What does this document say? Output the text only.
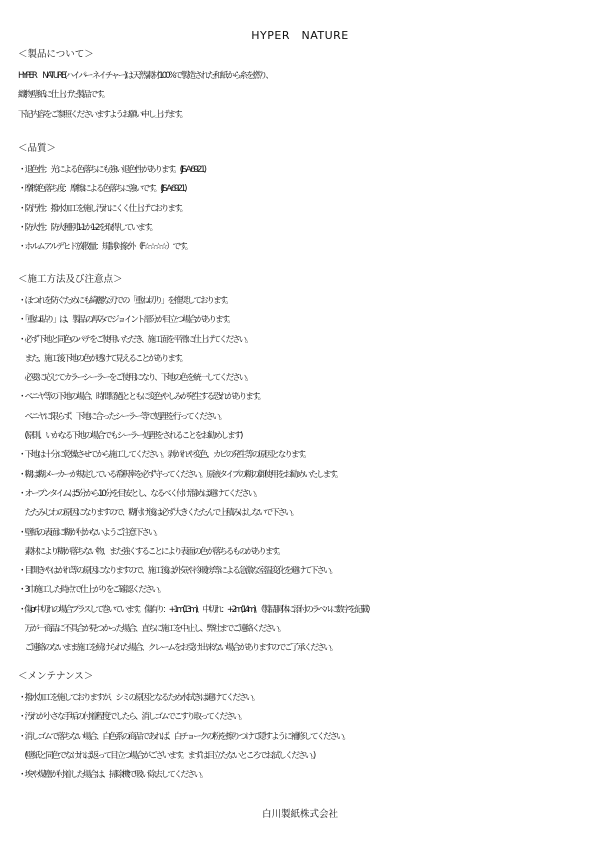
HYPER　NATURE
＜製品について＞
HYPER　NATURE(ハイパー ネイチャー)は 天然素材100%で製造された和紙から糸を撚り、
織物壁紙に仕上げた製品です。
下記内容をご参照くださいますようお願い申し上げます。
＜品質＞
・退色性：光による色落ちにも強い退色性があります。(JIS A 6921)
・摩擦色落ち度：摩擦による色落ちに強いです。(JIS A 6921)
・防汚性：撥水加工を施し汚れにくく仕上げております。
・防火性：防火種別1-1か1-2を取得しています。
・ホルムアルデヒド放散量：規制対象外（F☆☆☆☆）です。
＜施工方法及び注意点＞
・ほつれを防ぐためにも綺麗な刃での「重ね切り」を推奨しております。
・「重ね貼り」は、製品の厚みでジョイント部分が目立つ場合があります。
・必ず下地と同色のパテをご使用いただき、施工面を平滑に仕上げてください。
　また、施工後下地の色が透けて見えることがあります。
　必要に応じてカラーシーラーをご使用になり、下地の色を統一してください。
・ベニヤ等の下地の場合、時間経過とともに変色やしみが発生する恐れがあります。
　ベニヤに限らず、下地に合ったシーラー等で処理を行ってください。
　(原則、いかなる下地の場合でもシーラー処理をされることをお勧めします)
・下地は十分に乾燥させてから施工してください。剥がれや変色、カビの発生等の原因となります。
・糊は糊メーカーが規定している希釈率を必ず守ってください。原液タイプの糊の御使用をお勧めいたします。
・オープンタイムは5分から10分を目安とし、なるべく付け溜めは避けてください。
　たたみじわの原因になりますので、糊付け後は必ず大きくたたんで上積みはしないで下さい。
・壁紙の表面に糊が付かないようご注意下さい。
　素材により糊が落ちない物、また強くすることにより表面の色が落ちるものがあります。
・目開きやはがれ等の原因になりますので、施工後は外気や冷暖房等による急激な室温変化を避けて下さい。
・3巾施工した時点で仕上がりをご確認ください。
・傷or中切れの場合プラスして巻いています。 傷有り：+1m(13m)、中切れ：+2m(14m)。（製品胴体に添付のラベルに数字を記載）
　万が一商品に不具合が見つかった場合、直ちに施工を中止し、弊社までご連絡ください。
　ご連絡のないまま施工を続けられた場合、クレームをお受け出来ない場合がありますのでご了承ください。
＜メンテナンス＞
・撥水加工を施しておりますが、シミの原因となるため水拭きは避けてください。
・汚れが小さな手垢の付着程度でしたら、消しゴムでこすり取ってください。
・消しゴムで落ちない場合、白色系の商品であれば、白チョークの粉を擦りつけて隠すように補修してください。
　(壁紙と同色でなければ返って目立つ場合がございます。まずは目立たないところでお試しください。)
・埃や煤塵が付着した場合は、掃除機で吸い除去してください。
白川製紙株式会社
